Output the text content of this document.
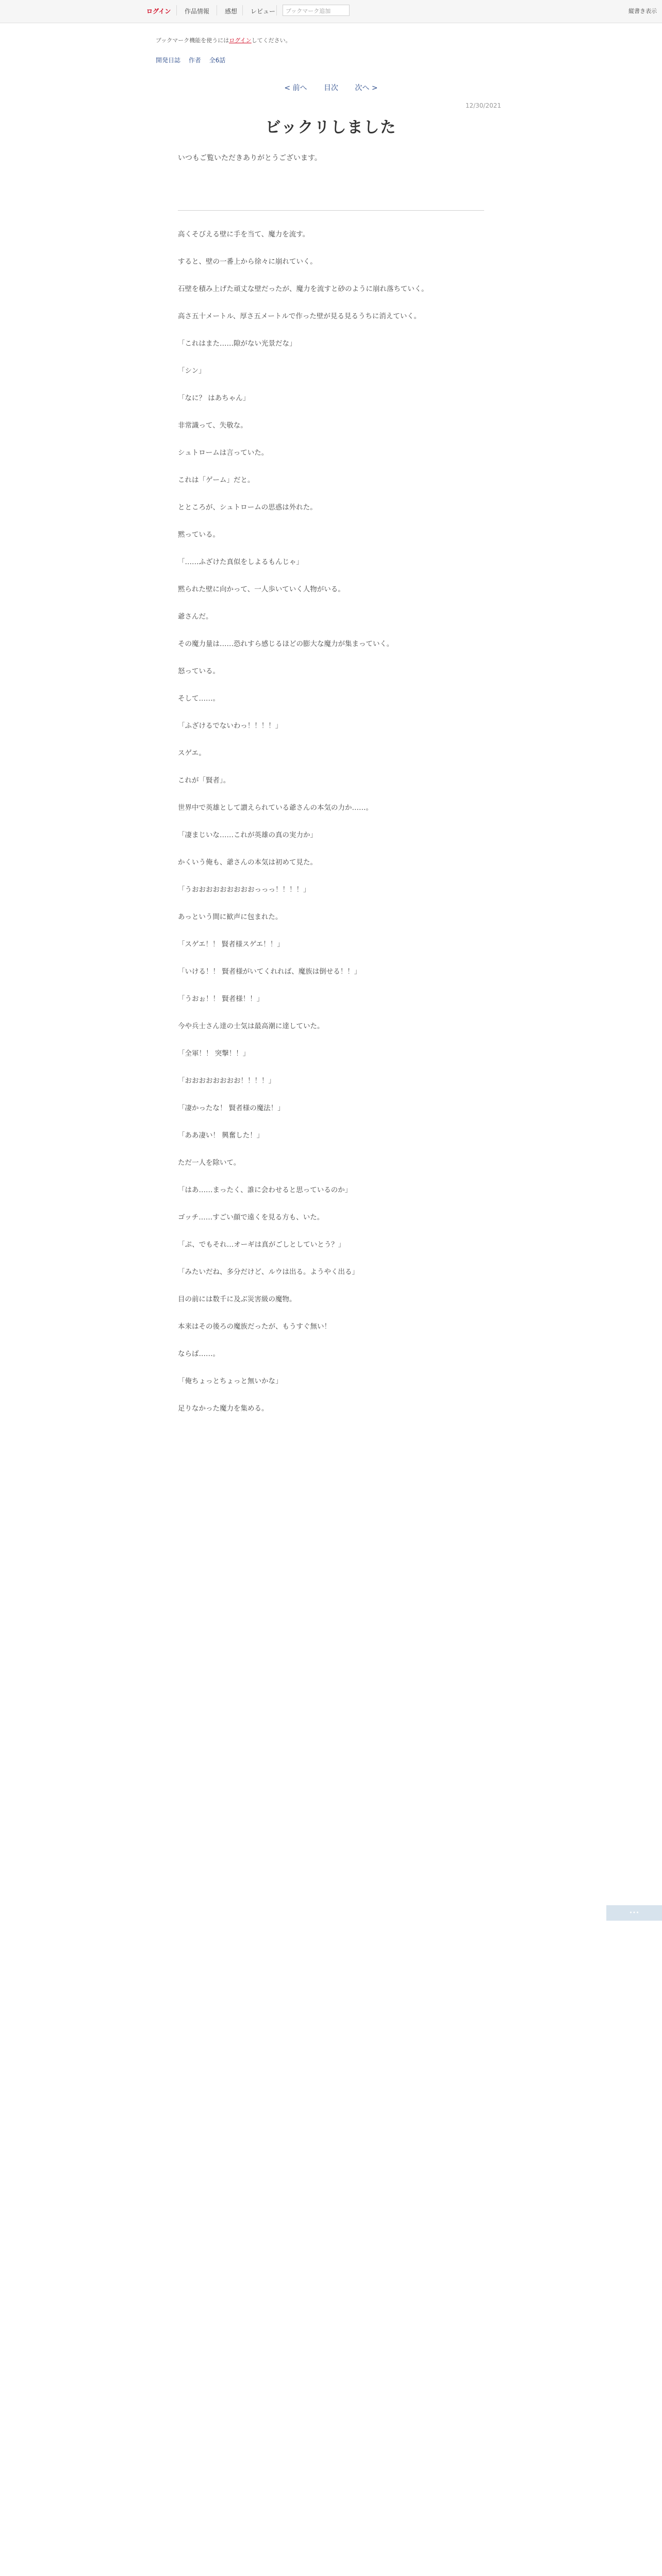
ログイン 作品情報 感想 レビュー	ブックマーク追加	縦書き表示
ブックマーク機能を使うにはログインしてください。
開発日誌 作者 全6話
< 前へ 目次 次へ >
12/30/2021
ビックリしました
いつもご覧いただきありがとうございます。

高くそびえる壁に手を当て、魔力を流す。

すると、壁の一番上から徐々に崩れていく。

石壁を積み上げた頑丈な壁だったが、魔力を流すと砂のように崩れ落ちていく。

高さ五十メートル、厚さ五メートルで作った壁が見る見るうちに消えていく。

「これはまた……隙がない光景だな」

「シン」

「なに？ はあちゃん」

非常識って、失敬な。

シュトロームは言っていた。

これは「ゲーム」だと。

とところが、シュトロームの思惑は外れた。

黙っている。

「……ふざけた真似をしよるもんじゃ」

黙られた壁に向かって、一人歩いていく人物がいる。

爺さんだ。

その魔力量は……恐れすら感じるほどの膨大な魔力が集まっていく。

怒っている。

そして……。

「ふざけるでないわっ！！！！」

スゲエ。

これが「賢者」。

世界中で英雄として讃えられている爺さんの本気の力か……。

「凄まじいな……これが英雄の真の実力か」

かくいう俺も、爺さんの本気は初めて見た。

「うおおおおおおおおおっっっ！！！！」

あっという間に歓声に包まれた。

「スゲエ！！ 賢者様スゲエ！！」

「いける！！ 賢者様がいてくれれば、魔族は倒せる！！」

「うおぉ！！ 賢者様！！」

今や兵士さん達の士気は最高潮に達していた。

「全軍！！ 突撃！！」

「おおおおおおおお！！！！」

「凄かったな！ 賢者様の魔法！」

「ああ凄い！ 興奮した！」

ただ一人を除いて。

「はあ……まったく、誰に会わせると思っているのか」

ゴッチ……すごい顔で遠くを見る方も、いた。

「ぷ、でもそれ…オーギは真がごしとしていとう？」

「みたいだね、多分だけど、ルウは出る。ようやく出る」

目の前には数千に及ぶ災害級の魔物。

本来はその後ろの魔族だったが、もうすぐ無い！

ならば……。

「俺ちょっとちょっと無いかな」

足りなかった魔力を集める。

•••
